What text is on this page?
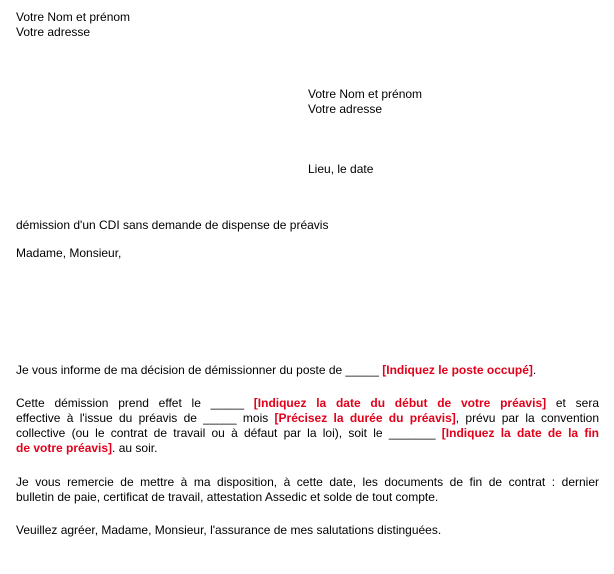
Votre Nom et prénom
Votre adresse
Votre Nom et prénom
Votre adresse
Lieu, le date
démission d'un CDI sans demande de dispense de préavis
Madame, Monsieur,
Je vous informe de ma décision de démissionner du poste de _____ [Indiquez le poste occupé].
Cette démission prend effet le _____ [Indiquez la date du début de votre préavis] et sera
effective à l'issue du préavis de _____ mois [Précisez la durée du préavis], prévu par la convention
collective (ou le contrat de travail ou à défaut par la loi), soit le _______ [Indiquez la date de la fin
de votre préavis]. au soir.
Je vous remercie de mettre à ma disposition, à cette date, les documents de fin de contrat : dernier
bulletin de paie, certificat de travail, attestation Assedic et solde de tout compte.
Veuillez agréer, Madame, Monsieur, l'assurance de mes salutations distinguées.
